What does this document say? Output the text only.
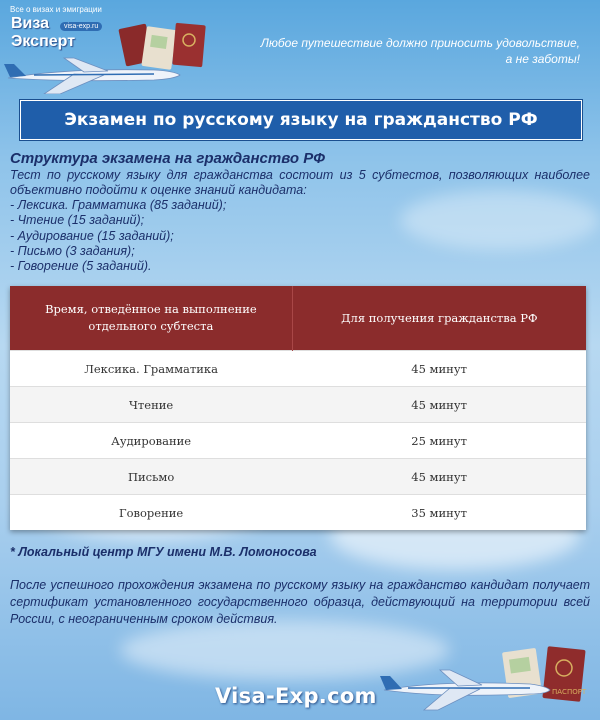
Все о визах и эмиграции
Виза
Эксперт
visa-exp.ru
Любое путешествие должно приносить удовольствие,
а не заботы!
Экзамен по русскому языку на гражданство РФ
Структура экзамена на гражданство РФ

Тест по русскому языку для гражданства состоит из 5 субтестов, позволяющих наиболее объективно подойти к оценке знаний кандидата:

- Лексика. Грамматика (85 заданий);
- Чтение (15 заданий);
- Аудирование (15 заданий);
- Письмо (3 задания);
- Говорение (5 заданий).
Время, отведённое на выполнение отдельного субтеста	Для получения гражданства РФ
Лексика. Грамматика	45 минут
Чтение	45 минут
Аудирование	25 минут
Письмо	45 минут
Говорение	35 минут
* Локальный центр МГУ имени М.В. Ломоносова

После успешного прохождения экзамена по русскому языку на гражданство кандидат получает сертификат установленного государственного образца, действующий на территории всей России, с неограниченным сроком действия.

ПАСПОРТ
Visa-Exp.com
